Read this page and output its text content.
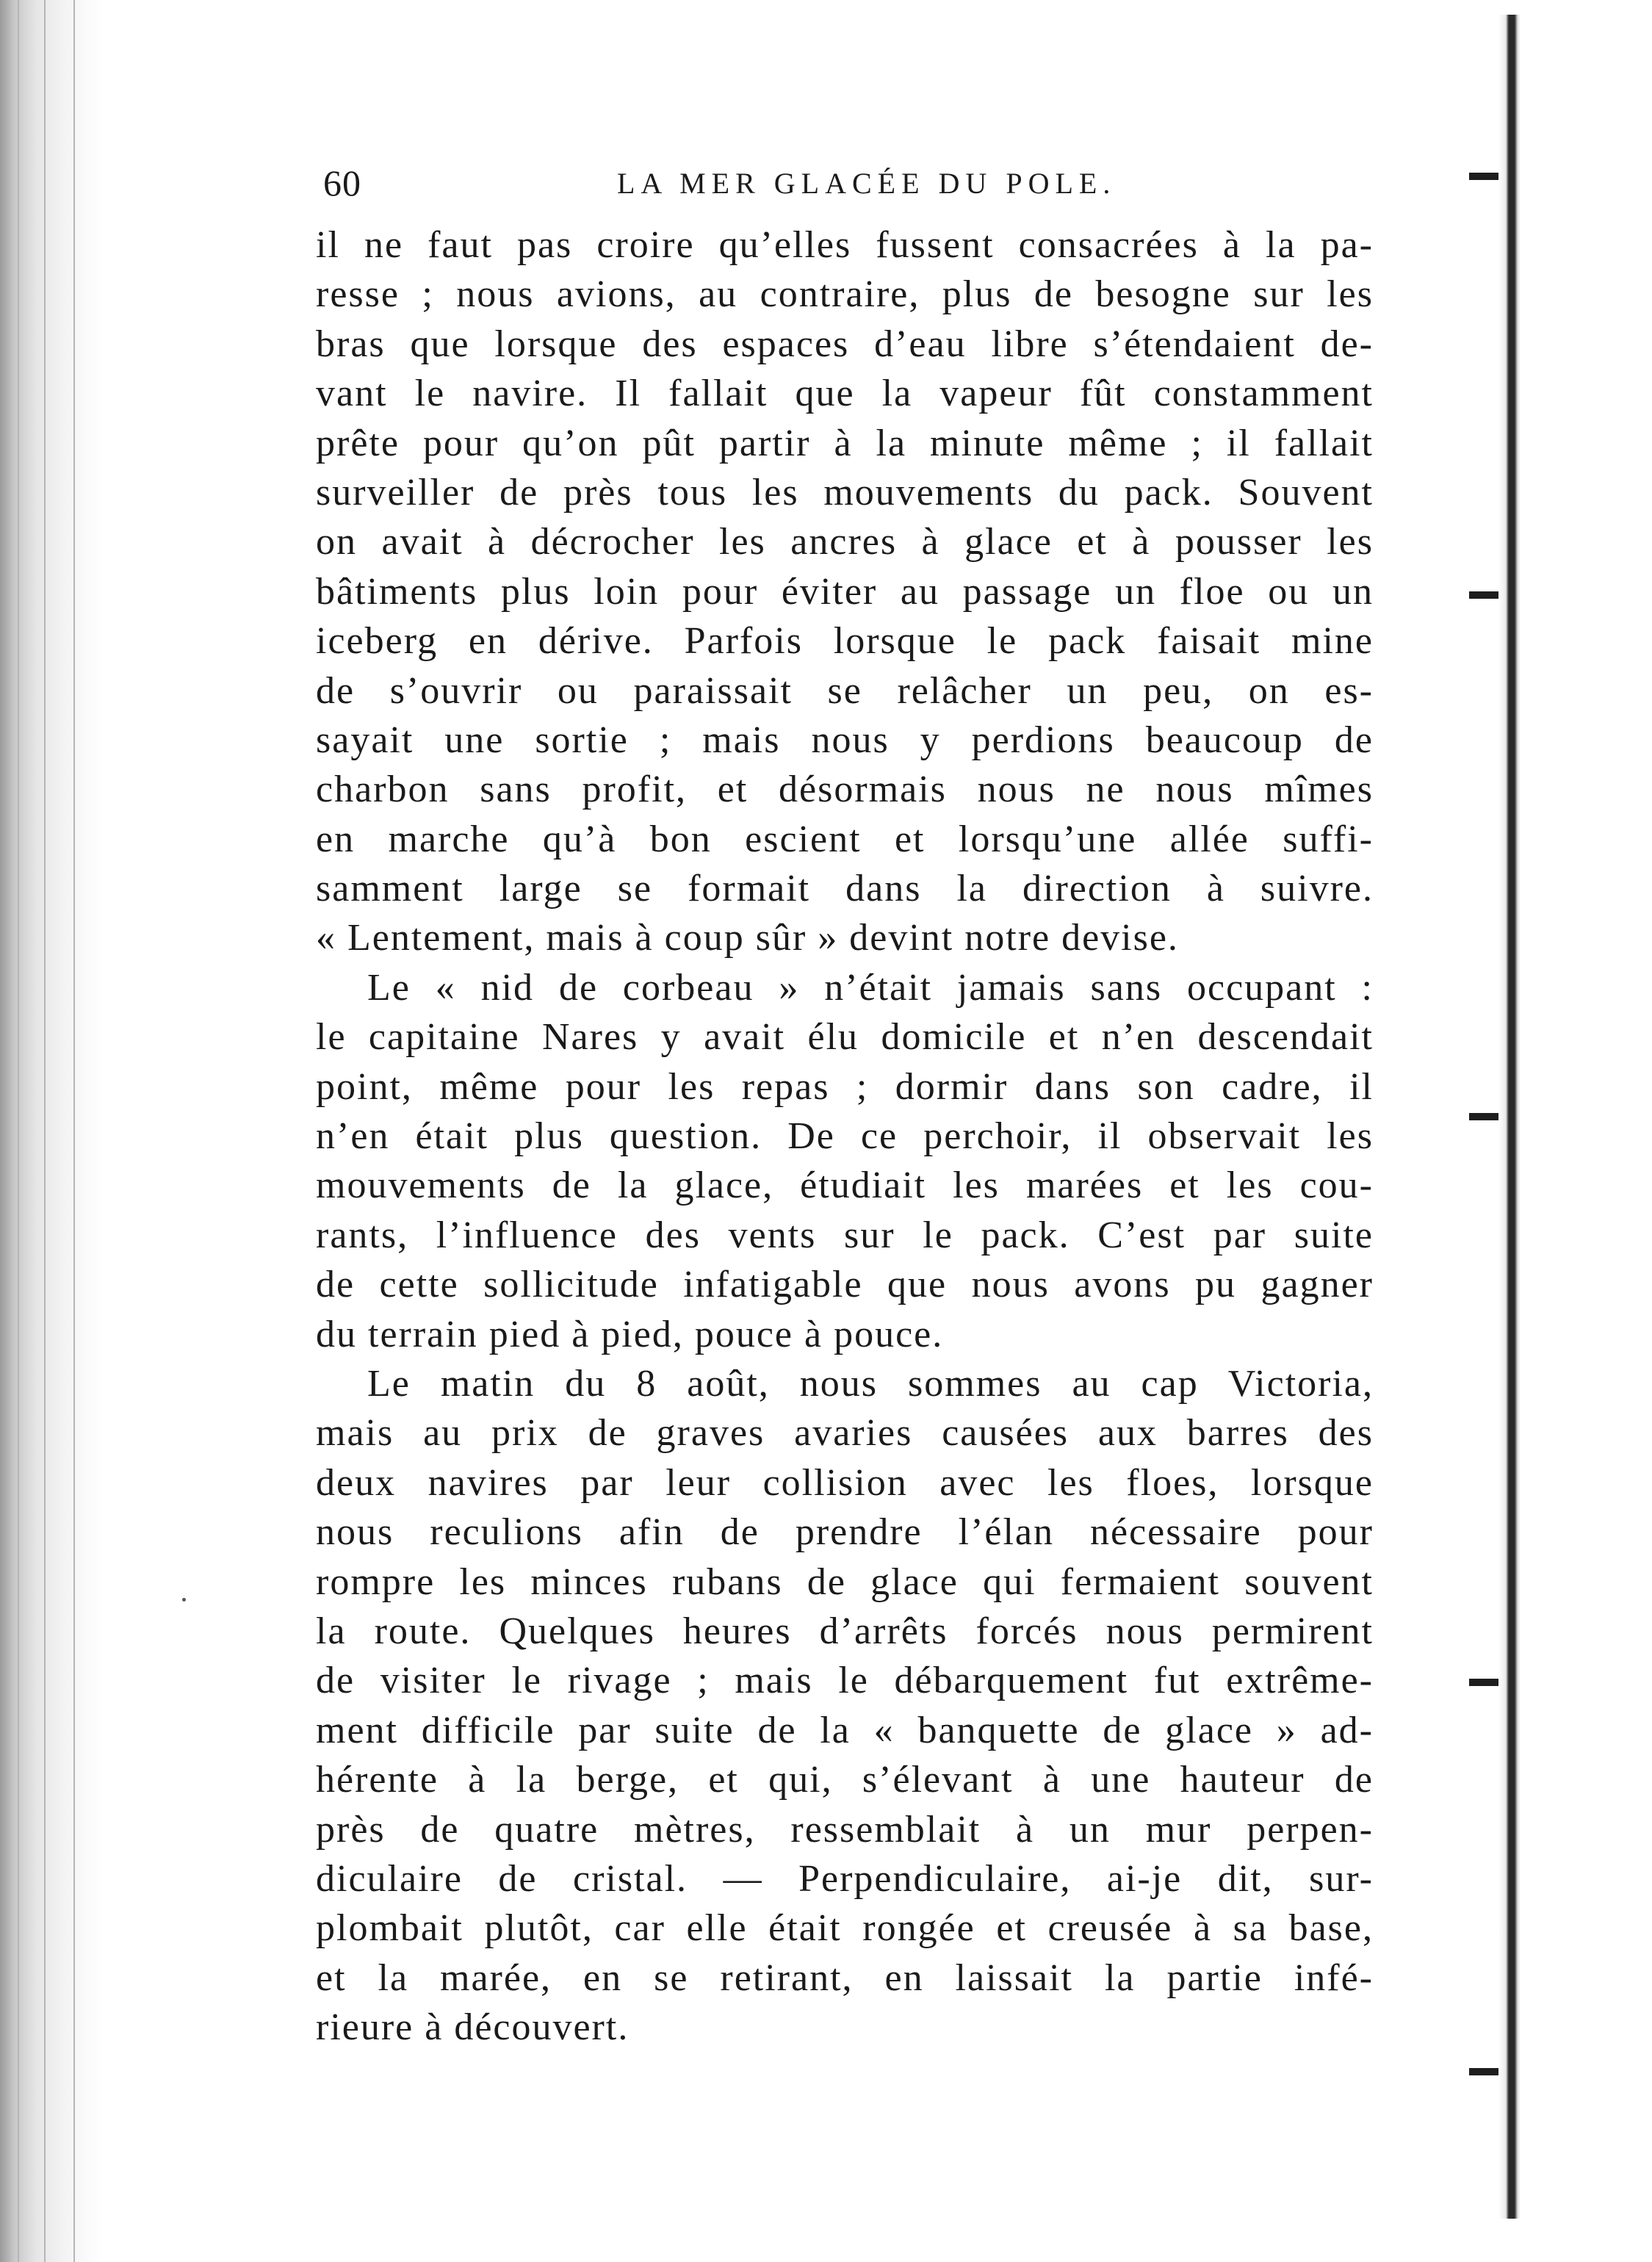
60	LA MER GLACÉE DU POLE.
il ne faut pas croire qu’elles fussent consacrées à la pa-
resse ; nous avions, au contraire, plus de besogne sur les
bras que lorsque des espaces d’eau libre s’étendaient de-
vant le navire. Il fallait que la vapeur fût constamment
prête pour qu’on pût partir à la minute même ; il fallait
surveiller de près tous les mouvements du pack. Souvent
on avait à décrocher les ancres à glace et à pousser les
bâtiments plus loin pour éviter au passage un floe ou un
iceberg en dérive. Parfois lorsque le pack faisait mine
de s’ouvrir ou paraissait se relâcher un peu, on es-
sayait une sortie ; mais nous y perdions beaucoup de
charbon sans profit, et désormais nous ne nous mîmes
en marche qu’à bon escient et lorsqu’une allée suffi-
samment large se formait dans la direction à suivre.
« Lentement, mais à coup sûr » devint notre devise.
Le « nid de corbeau » n’était jamais sans occupant :
le capitaine Nares y avait élu domicile et n’en descendait
point, même pour les repas ; dormir dans son cadre, il
n’en était plus question. De ce perchoir, il observait les
mouvements de la glace, étudiait les marées et les cou-
rants, l’influence des vents sur le pack. C’est par suite
de cette sollicitude infatigable que nous avons pu gagner
du terrain pied à pied, pouce à pouce.
Le matin du 8 août, nous sommes au cap Victoria,
mais au prix de graves avaries causées aux barres des
deux navires par leur collision avec les floes, lorsque
nous reculions afin de prendre l’élan nécessaire pour
rompre les minces rubans de glace qui fermaient souvent
la route. Quelques heures d’arrêts forcés nous permirent
de visiter le rivage ; mais le débarquement fut extrême-
ment difficile par suite de la « banquette de glace » ad-
hérente à la berge, et qui, s’élevant à une hauteur de
près de quatre mètres, ressemblait à un mur perpen-
diculaire de cristal. — Perpendiculaire, ai-je dit, sur-
plombait plutôt, car elle était rongée et creusée à sa base,
et la marée, en se retirant, en laissait la partie infé-
rieure à découvert.
